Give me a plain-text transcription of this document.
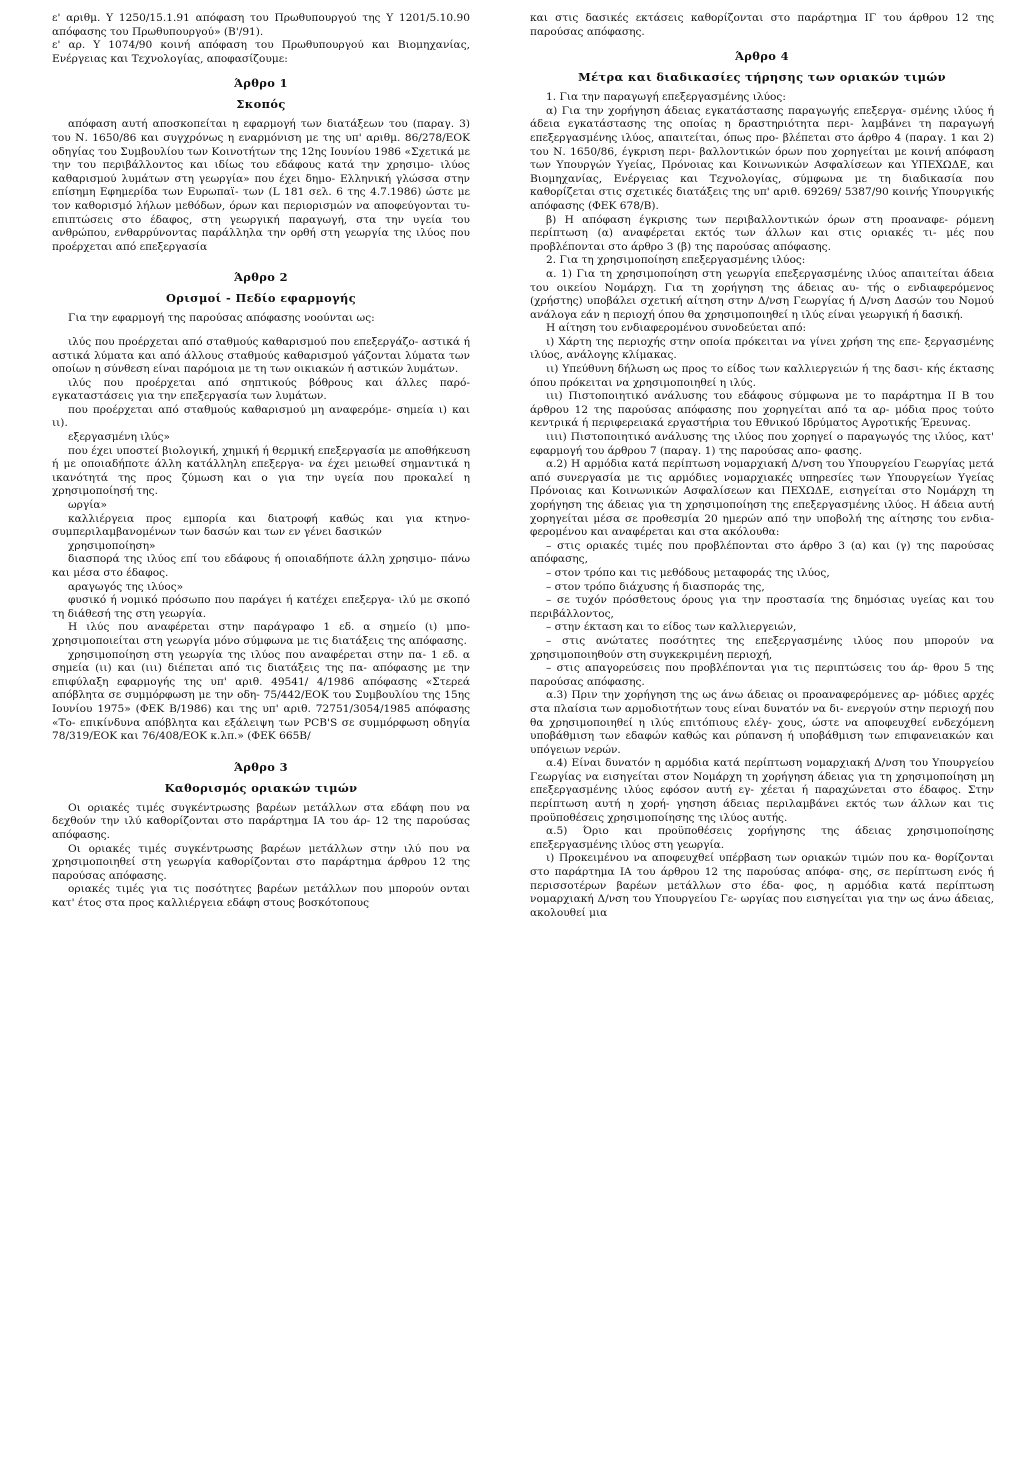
ε' αριθμ. Υ 1250/15.1.91 απόφαση του Πρωθυπουργού της Υ 1201/5.10.90 απόφασης του Πρωθυπουργού» (Β'/91).

ε' αρ. Υ 1074/90 κοινή απόφαση του Πρωθυπουργού και Βιομηχανίας, Ενέργειας και Τεχνολογίας, αποφασίζουμε:

Άρθρο 1
Σκοπός

απόφαση αυτή αποσκοπείται η εφαρμογή των διατάξεων του (παραγ. 3) του Ν. 1650/86 και συγχρόνως η εναρμόνιση με της υπ' αριθμ. 86/278/ΕΟΚ οδηγίας του Συμβουλίου των Κοινοτήτων της 12ης Ιουνίου 1986 «Σχετικά με την του περιβάλλοντος και ιδίως του εδάφους κατά την χρησιμο- ιλύος καθαρισμού λυμάτων στη γεωργία» που έχει δημο- Ελληνική γλώσσα στην επίσημη Εφημερίδα των Ευρωπαϊ- των (L 181 σελ. 6 της 4.7.1986) ώστε με τον καθορισμό λήλων μεθόδων, όρων και περιορισμών να αποφεύγονται τυ- επιπτώσεις στο έδαφος, στη γεωργική παραγωγή, στα την υγεία του ανθρώπου, ενθαρρύνοντας παράλληλα την ορθή στη γεωργία της ιλύος που προέρχεται από επεξεργασία

Άρθρο 2
Ορισμοί - Πεδίο εφαρμογής

Για την εφαρμογή της παρούσας απόφασης νοούνται ως:

ιλύς που προέρχεται από σταθμούς καθαρισμού που επεξεργάζο- αστικά ή αστικά λύματα και από άλλους σταθμούς καθαρισμού γάζονται λύματα των οποίων η σύνθεση είναι παρόμοια με τη των οικιακών ή αστικών λυμάτων.

ιλύς που προέρχεται από σηπτικούς βόθρους και άλλες παρό- εγκαταστάσεις για την επεξεργασία των λυμάτων.

που προέρχεται από σταθμούς καθαρισμού μη αναφερόμε- σημεία ι) και ιι).

εξεργασμένη ιλύς»

που έχει υποστεί βιολογική, χημική ή θερμική επεξεργασία με αποθήκευση ή με οποιαδήποτε άλλη κατάλληλη επεξεργα- να έχει μειωθεί σημαντικά η ικανότητά της προς ζύμωση και ο για την υγεία που προκαλεί η χρησιμοποίησή της.

ωργία»

καλλιέργεια προς εμπορία και διατροφή καθώς και για κτηνο- συμπεριλαμβανομένων των δασών και των εν γένει δασικών

χρησιμοποίηση»

διασπορά της ιλύος επί του εδάφους ή οποιαδήποτε άλλη χρησιμο- πάνω και μέσα στο έδαφος.

αραγωγός της ιλύος»

φυσικό ή νομικό πρόσωπο που παράγει ή κατέχει επεξεργα- ιλύ με σκοπό τη διάθεσή της στη γεωργία.

Η ιλύς που αναφέρεται στην παράγραφο 1 εδ. α σημείο (ι) μπο- χρησιμοποιείται στη γεωργία μόνο σύμφωνα με τις διατάξεις της απόφασης.

χρησιμοποίηση στη γεωργία της ιλύος που αναφέρεται στην πα- 1 εδ. α σημεία (ιι) και (ιιι) διέπεται από τις διατάξεις της πα- απόφασης με την επιφύλαξη εφαρμογής της υπ' αριθ. 49541/ 4/1986 απόφασης «Στερεά απόβλητα σε συμμόρφωση με την οδη- 75/442/ΕΟΚ του Συμβουλίου της 15ης Ιουνίου 1975» (ΦΕΚ Β/1986) και της υπ' αριθ. 72751/3054/1985 απόφασης «Το- επικίνδυνα απόβλητα και εξάλειψη των PCB'S σε συμμόρφωση οδηγία 78/319/ΕΟΚ και 76/408/ΕΟΚ κ.λπ.» (ΦΕΚ 665Β/

Άρθρο 3
Καθορισμός οριακών τιμών

Οι οριακές τιμές συγκέντρωσης βαρέων μετάλλων στα εδάφη που να δεχθούν την ιλύ καθορίζονται στο παράρτημα ΙΑ του άρ- 12 της παρούσας απόφασης.

Οι οριακές τιμές συγκέντρωσης βαρέων μετάλλων στην ιλύ που να χρησιμοποιηθεί στη γεωργία καθορίζονται στο παράρτημα άρθρου 12 της παρούσας απόφασης.

οριακές τιμές για τις ποσότητες βαρέων μετάλλων που μπορούν ονται κατ' έτος στα προς καλλιέργεια εδάφη στους βοσκότοπους

και στις δασικές εκτάσεις καθορίζονται στο παράρτημα ΙΓ του άρθρου 12 της παρούσας απόφασης.

Άρθρο 4
Μέτρα και διαδικασίες τήρησης των οριακών τιμών

1. Για την παραγωγή επεξεργασμένης ιλύος:

α) Για την χορήγηση άδειας εγκατάστασης παραγωγής επεξεργα- σμένης ιλύος ή άδεια εγκατάστασης της οποίας η δραστηριότητα περι- λαμβάνει τη παραγωγή επεξεργασμένης ιλύος, απαιτείται, όπως προ- βλέπεται στο άρθρο 4 (παραγ. 1 και 2) του Ν. 1650/86, έγκριση περι- βαλλοντικών όρων που χορηγείται με κοινή απόφαση των Υπουργών Υγείας, Πρόνοιας και Κοινωνικών Ασφαλίσεων και ΥΠΕΧΩΔΕ, και Βιομηχανίας, Ενέργειας και Τεχνολογίας, σύμφωνα με τη διαδικασία που καθορίζεται στις σχετικές διατάξεις της υπ' αριθ. 69269/ 5387/90 κοινής Υπουργικής απόφασης (ΦΕΚ 678/Β).

β) Η απόφαση έγκρισης των περιβαλλοντικών όρων στη προαναφε- ρόμενη περίπτωση (α) αναφέρεται εκτός των άλλων και στις οριακές τι- μές που προβλέπονται στο άρθρο 3 (β) της παρούσας απόφασης.

2. Για τη χρησιμοποίηση επεξεργασμένης ιλύος:

α. 1) Για τη χρησιμοποίηση στη γεωργία επεξεργασμένης ιλύος απαιτείται άδεια του οικείου Νομάρχη. Για τη χορήγηση της άδειας αυ- τής ο ενδιαφερόμενος (χρήστης) υποβάλει σχετική αίτηση στην Δ/νση Γεωργίας ή Δ/νση Δασών του Νομού ανάλογα εάν η περιοχή όπου θα χρησιμοποιηθεί η ιλύς είναι γεωργική ή δασική.

Η αίτηση του ενδιαφερομένου συνοδεύεται από:

ι) Χάρτη της περιοχής στην οποία πρόκειται να γίνει χρήση της επε- ξεργασμένης ιλύος, ανάλογης κλίμακας.

ιι) Υπεύθυνη δήλωση ως προς το είδος των καλλιεργειών ή της δασι- κής έκτασης όπου πρόκειται να χρησιμοποιηθεί η ιλύς.

ιιι) Πιστοποιητικό ανάλυσης του εδάφους σύμφωνα με το παράρτημα ΙΙ Β του άρθρου 12 της παρούσας απόφασης που χορηγείται από τα αρ- μόδια προς τούτο κεντρικά ή περιφερειακά εργαστήρια του Εθνικού Ιδρύματος Αγροτικής Έρευνας.

ιιιι) Πιστοποιητικό ανάλυσης της ιλύος που χορηγεί ο παραγωγός της ιλύος, κατ' εφαρμογή του άρθρου 7 (παραγ. 1) της παρούσας απο- φασης.

α.2) Η αρμόδια κατά περίπτωση νομαρχιακή Δ/νση του Υπουργείου Γεωργίας μετά από συνεργασία με τις αρμόδιες νομαρχιακές υπηρεσίες των Υπουργείων Υγείας Πρόνοιας και Κοινωνικών Ασφαλίσεων και ΠΕΧΩΔΕ, εισηγείται στο Νομάρχη τη χορήγηση της άδειας για τη χρησιμοποίηση της επεξεργασμένης ιλύος. Η άδεια αυτή χορηγείται μέσα σε προθεσμία 20 ημερών από την υποβολή της αίτησης του ενδια- φερομένου και αναφέρεται και στα ακόλουθα:

– στις οριακές τιμές που προβλέπονται στο άρθρο 3 (α) και (γ) της παρούσας απόφασης,

– στον τρόπο και τις μεθόδους μεταφοράς της ιλύος,

– στον τρόπο διάχυσης ή διασποράς της,

– σε τυχόν πρόσθετους όρους για την προστασία της δημόσιας υγείας και του περιβάλλοντος,

– στην έκταση και το είδος των καλλιεργειών,

– στις ανώτατες ποσότητες της επεξεργασμένης ιλύος που μπορούν να χρησιμοποιηθούν στη συγκεκριμένη περιοχή,

– στις απαγορεύσεις που προβλέπονται για τις περιπτώσεις του άρ- θρου 5 της παρούσας απόφασης.

α.3) Πριν την χορήγηση της ως άνω άδειας οι προαναφερόμενες αρ- μόδιες αρχές στα πλαίσια των αρμοδιοτήτων τους είναι δυνατόν να δι- ενεργούν στην περιοχή που θα χρησιμοποιηθεί η ιλύς επιτόπιους ελέγ- χους, ώστε να αποφευχθεί ενδεχόμενη υποβάθμιση των εδαφών καθώς και ρύπανση ή υποβάθμιση των επιφανειακών και υπόγειων νερών.

α.4) Είναι δυνατόν η αρμόδια κατά περίπτωση νομαρχιακή Δ/νση του Υπουργείου Γεωργίας να εισηγείται στον Νομάρχη τη χορήγηση άδειας για τη χρησιμοποίηση μη επεξεργασμένης ιλύος εφόσον αυτή εγ- χέεται ή παραχώνεται στο έδαφος. Στην περίπτωση αυτή η χορή- γησηση άδειας περιλαμβάνει εκτός των άλλων και τις προϋποθέσεις χρησιμοποίησης της ιλύος αυτής.

α.5) Όριο και προϋποθέσεις χορήγησης της άδειας χρησιμοποίησης επεξεργασμένης ιλύος στη γεωργία.

ι) Προκειμένου να αποφευχθεί υπέρβαση των οριακών τιμών που κα- θορίζονται στο παράρτημα ΙΑ του άρθρου 12 της παρούσας απόφα- σης, σε περίπτωση ενός ή περισσοτέρων βαρέων μετάλλων στο έδα- φος, η αρμόδια κατά περίπτωση νομαρχιακή Δ/νση του Υπουργείου Γε- ωργίας που εισηγείται για την ως άνω άδειας, ακολουθεί μια
